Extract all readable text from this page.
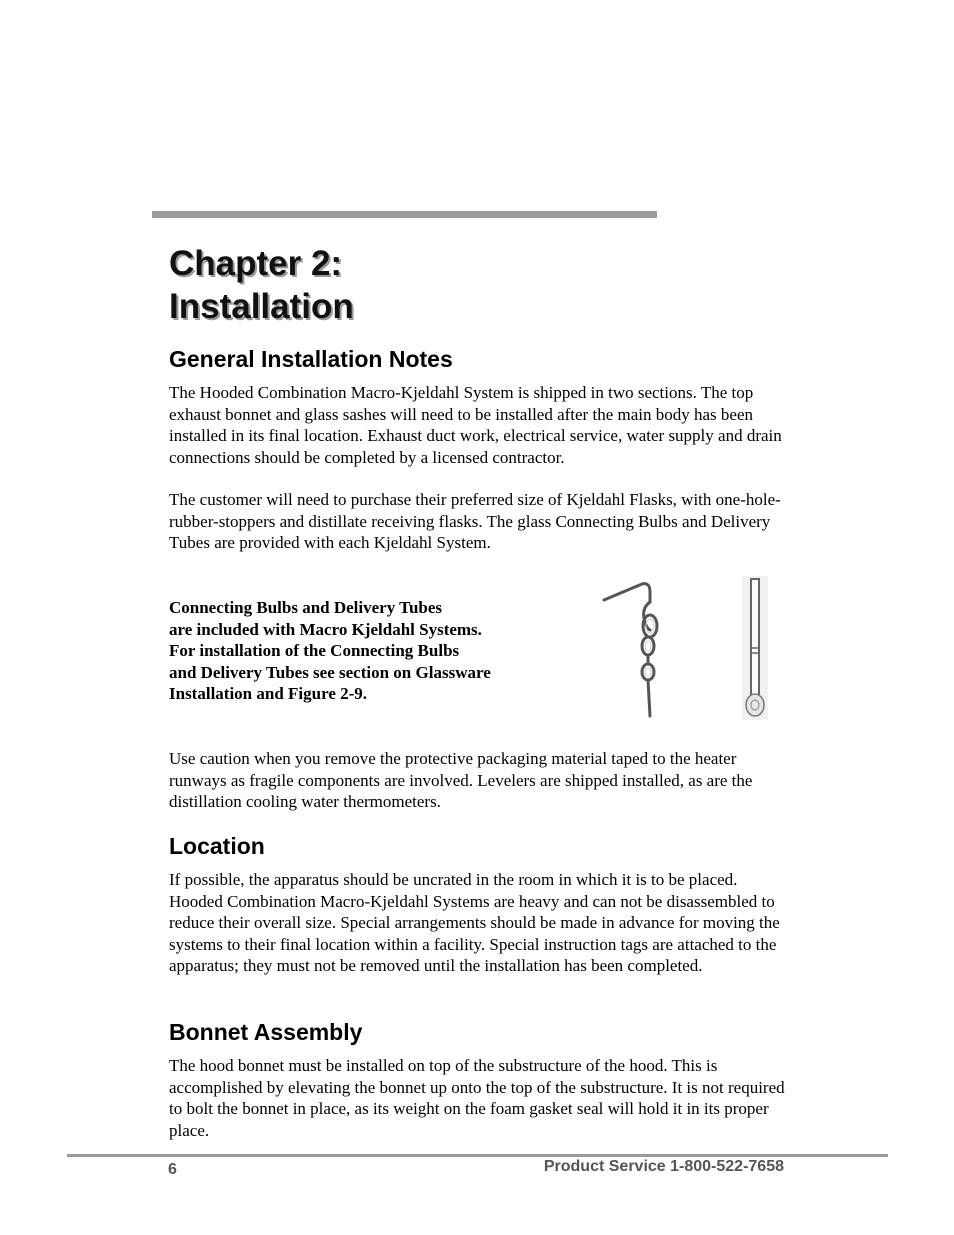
Chapter 2:
Installation
General Installation Notes

The Hooded Combination Macro-Kjeldahl System is shipped in two sections. The top exhaust bonnet and glass sashes will need to be installed after the main body has been installed in its final location. Exhaust duct work, electrical service, water supply and drain connections should be completed by a licensed contractor.

The customer will need to purchase their preferred size of Kjeldahl Flasks, with one-hole-rubber-stoppers and distillate receiving flasks. The glass Connecting Bulbs and Delivery Tubes are provided with each Kjeldahl System.

Connecting Bulbs and Delivery Tubes
are included with Macro Kjeldahl Systems.
For installation of the Connecting Bulbs
and Delivery Tubes see section on Glassware
Installation and Figure 2-9.

Use caution when you remove the protective packaging material taped to the heater runways as fragile components are involved. Levelers are shipped installed, as are the distillation cooling water thermometers.

Location

If possible, the apparatus should be uncrated in the room in which it is to be placed. Hooded Combination Macro-Kjeldahl Systems are heavy and can not be disassembled to reduce their overall size. Special arrangements should be made in advance for moving the systems to their final location within a facility. Special instruction tags are attached to the apparatus; they must not be removed until the installation has been completed.

Bonnet Assembly

The hood bonnet must be installed on top of the substructure of the hood. This is accomplished by elevating the bonnet up onto the top of the substructure. It is not required to bolt the bonnet in place, as its weight on the foam gasket seal will hold it in its proper place.

6	Product Service 1-800-522-7658
